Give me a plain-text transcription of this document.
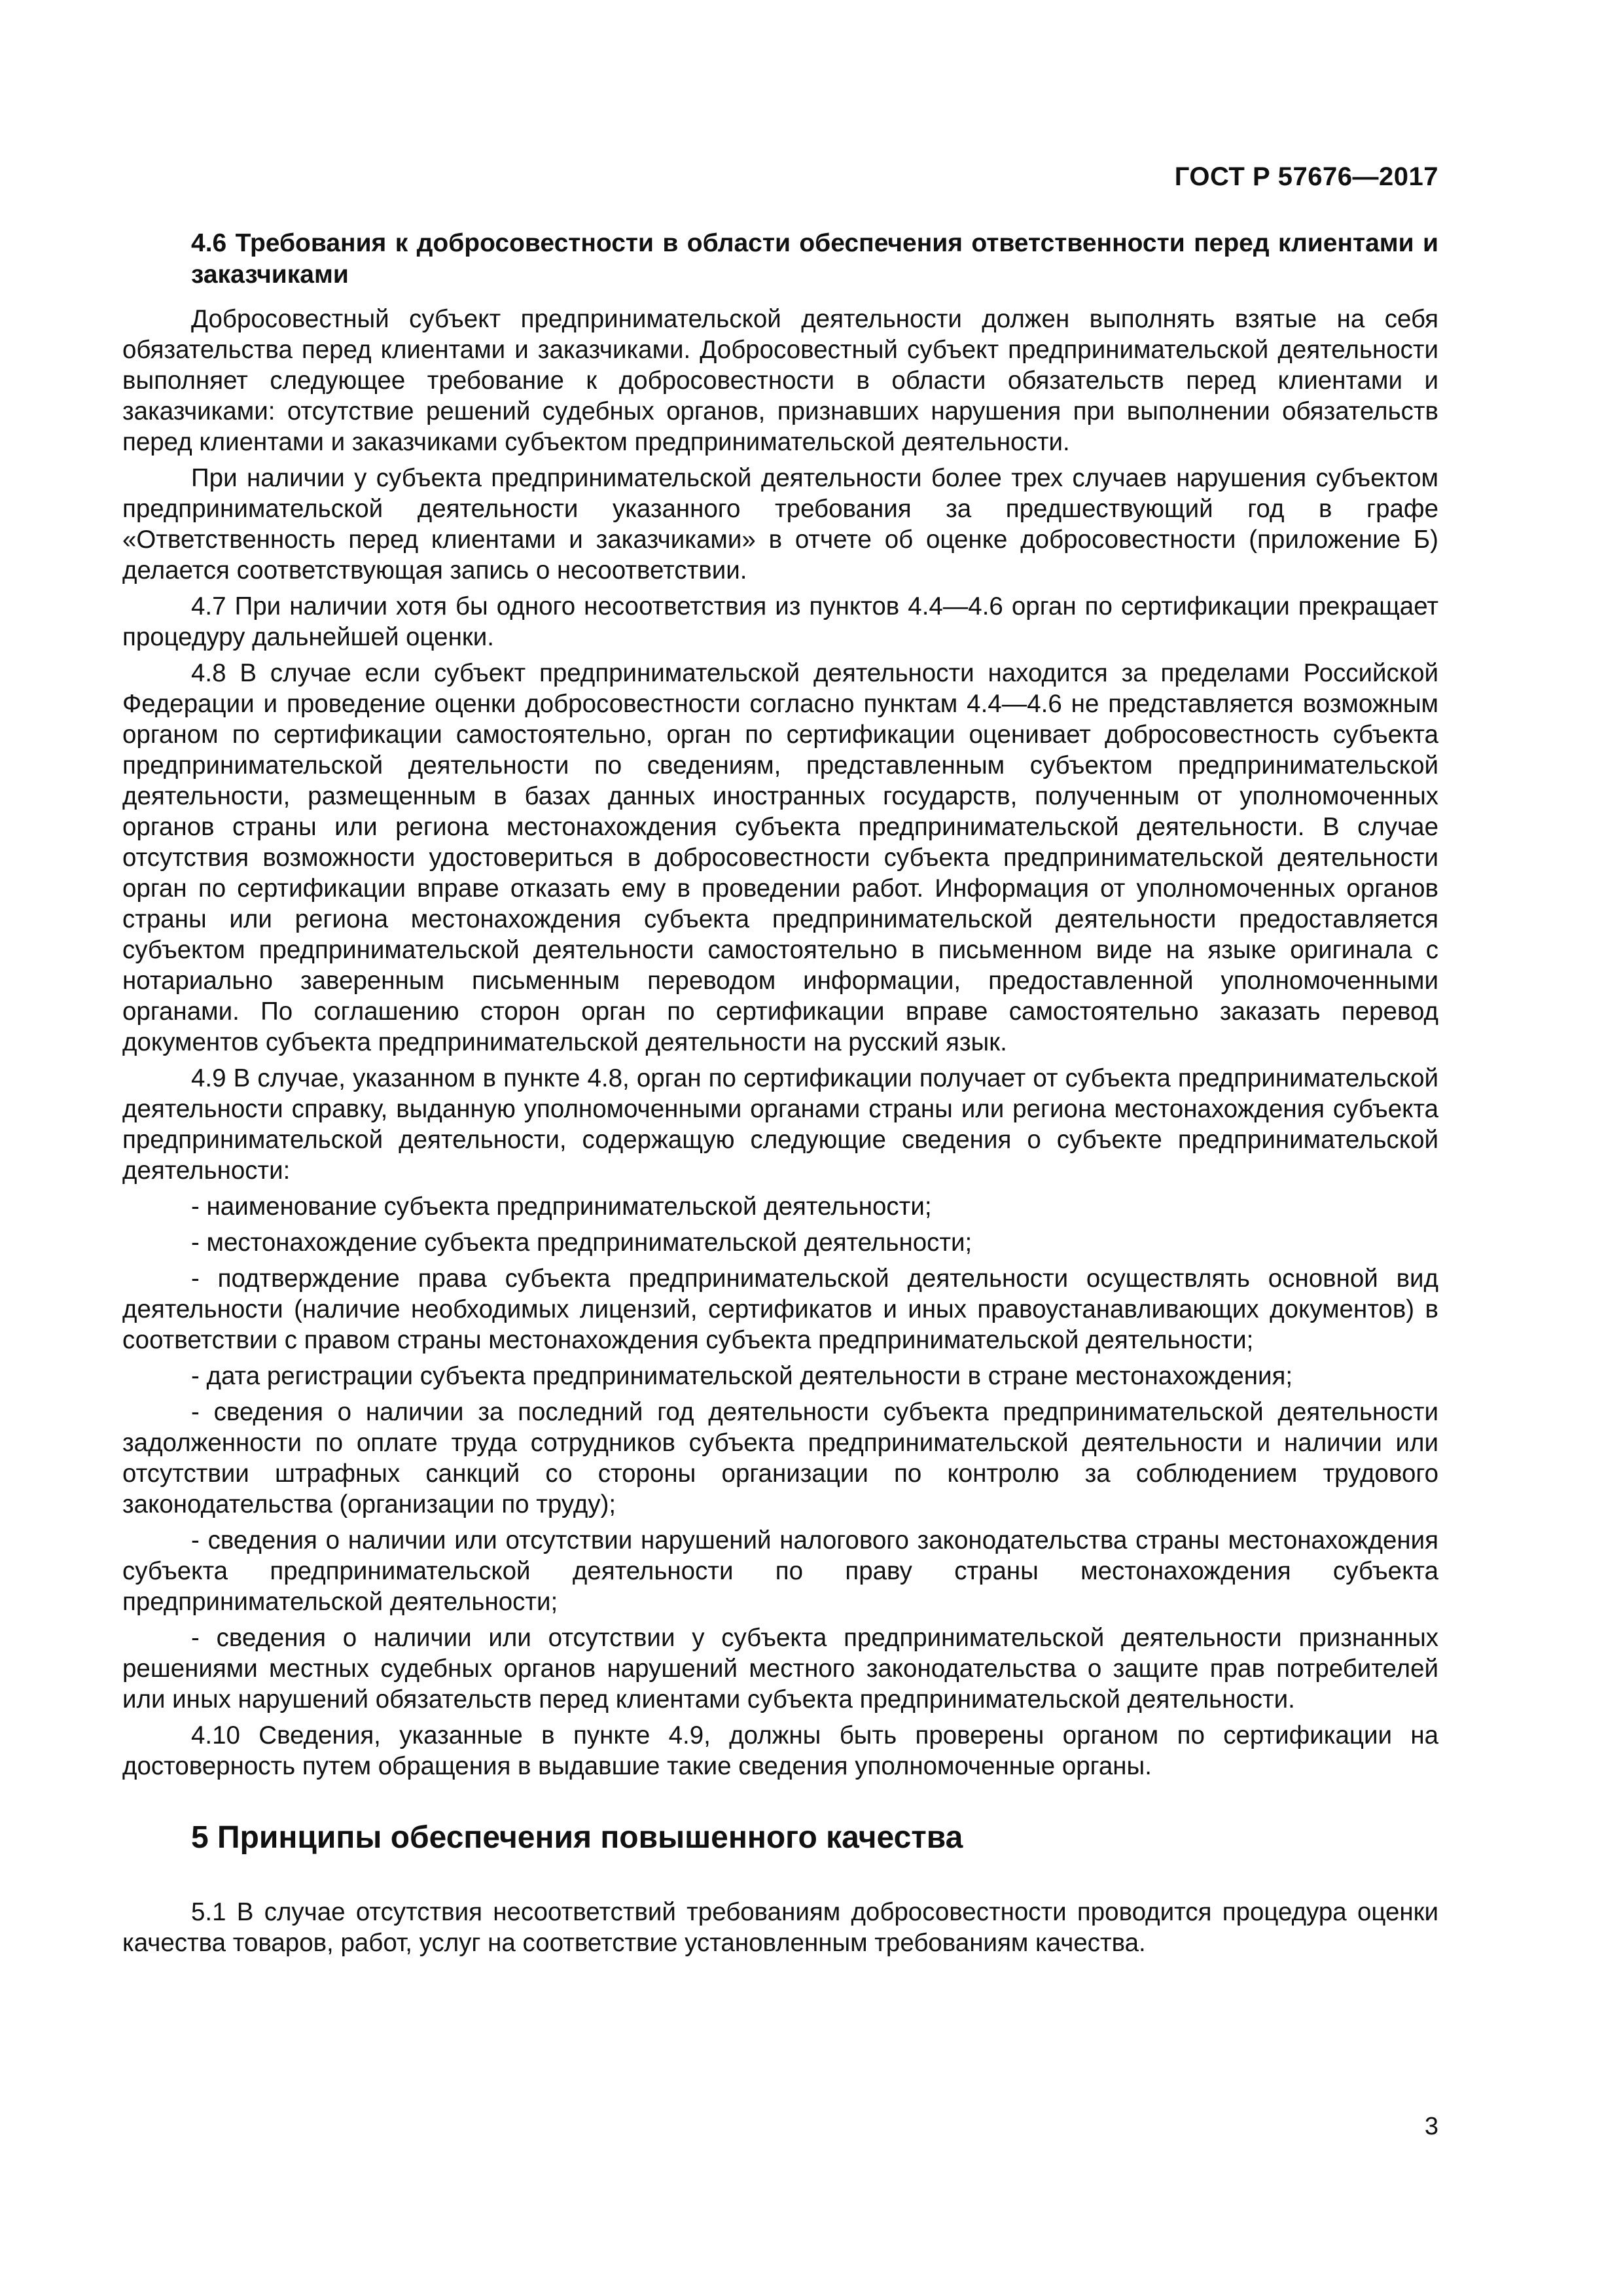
ГОСТ Р 57676—2017
4.6 Требования к добросовестности в области обеспечения ответственности перед клиентами и заказчиками

Добросовестный субъект предпринимательской деятельности должен выполнять взятые на себя обязательства перед клиентами и заказчиками. Добросовестный субъект предпринимательской деятельности выполняет следующее требование к добросовестности в области обязательств перед клиентами и заказчиками: отсутствие решений судебных органов, признавших нарушения при выполнении обязательств перед клиентами и заказчиками субъектом предпринимательской деятельности.

При наличии у субъекта предпринимательской деятельности более трех случаев нарушения субъектом предпринимательской деятельности указанного требования за предшествующий год в графе «Ответственность перед клиентами и заказчиками» в отчете об оценке добросовестности (приложение Б) делается соответствующая запись о несоответствии.

4.7 При наличии хотя бы одного несоответствия из пунктов 4.4—4.6 орган по сертификации прекращает процедуру дальнейшей оценки.

4.8 В случае если субъект предпринимательской деятельности находится за пределами Российской Федерации и проведение оценки добросовестности согласно пунктам 4.4—4.6 не представляется возможным органом по сертификации самостоятельно, орган по сертификации оценивает добросовестность субъекта предпринимательской деятельности по сведениям, представленным субъектом предпринимательской деятельности, размещенным в базах данных иностранных государств, полученным от уполномоченных органов страны или региона местонахождения субъекта предпринимательской деятельности. В случае отсутствия возможности удостовериться в добросовестности субъекта предпринимательской деятельности орган по сертификации вправе отказать ему в проведении работ. Информация от уполномоченных органов страны или региона местонахождения субъекта предпринимательской деятельности предоставляется субъектом предпринимательской деятельности самостоятельно в письменном виде на языке оригинала с нотариально заверенным письменным переводом информации, предоставленной уполномоченными органами. По соглашению сторон орган по сертификации вправе самостоятельно заказать перевод документов субъекта предпринимательской деятельности на русский язык.

4.9 В случае, указанном в пункте 4.8, орган по сертификации получает от субъекта предпринимательской деятельности справку, выданную уполномоченными органами страны или региона местонахождения субъекта предпринимательской деятельности, содержащую следующие сведения о субъекте предпринимательской деятельности:

- наименование субъекта предпринимательской деятельности;

- местонахождение субъекта предпринимательской деятельности;

- подтверждение права субъекта предпринимательской деятельности осуществлять основной вид деятельности (наличие необходимых лицензий, сертификатов и иных правоустанавливающих документов) в соответствии с правом страны местонахождения субъекта предпринимательской деятельности;

- дата регистрации субъекта предпринимательской деятельности в стране местонахождения;

- сведения о наличии за последний год деятельности субъекта предпринимательской деятельности задолженности по оплате труда сотрудников субъекта предпринимательской деятельности и наличии или отсутствии штрафных санкций со стороны организации по контролю за соблюдением трудового законодательства (организации по труду);

- сведения о наличии или отсутствии нарушений налогового законодательства страны местонахождения субъекта предпринимательской деятельности по праву страны местонахождения субъекта предпринимательской деятельности;

- сведения о наличии или отсутствии у субъекта предпринимательской деятельности признанных решениями местных судебных органов нарушений местного законодательства о защите прав потребителей или иных нарушений обязательств перед клиентами субъекта предпринимательской деятельности.

4.10 Сведения, указанные в пункте 4.9, должны быть проверены органом по сертификации на достоверность путем обращения в выдавшие такие сведения уполномоченные органы.

5 Принципы обеспечения повышенного качества

5.1 В случае отсутствия несоответствий требованиям добросовестности проводится процедура оценки качества товаров, работ, услуг на соответствие установленным требованиям качества.

3
